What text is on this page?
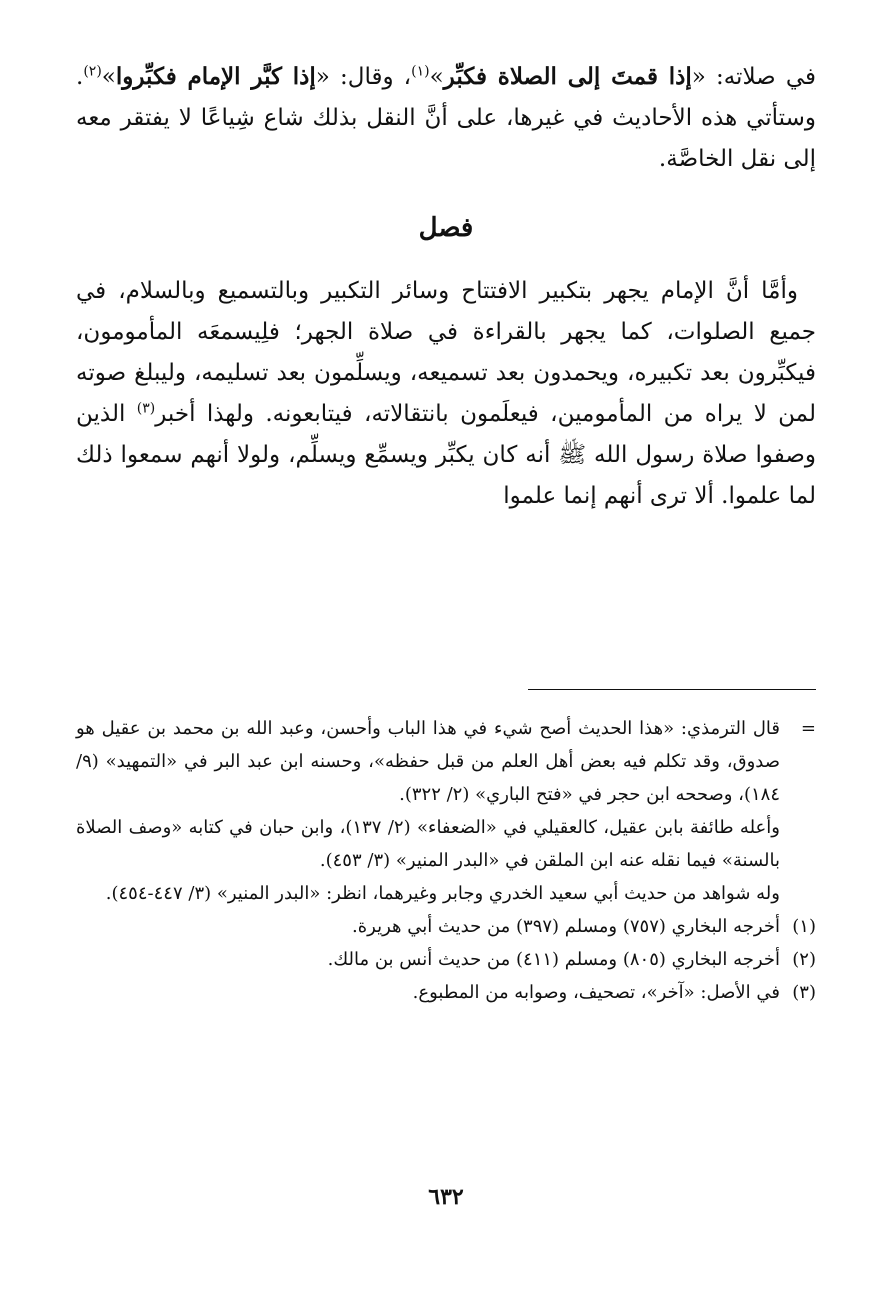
في صلاته: «إذا قمتَ إلى الصلاة فكبِّر»$^{(١)}$، وقال: «إذا كبَّر الإمام فكبِّروا»$^{(٢)}$. وستأتي هذه الأحاديث في غيرها، على أنَّ النقل بذلك شاع شِياعًا لا يفتقر معه إلى نقل الخاصَّة.

فصل

وأمَّا أنَّ الإمام يجهر بتكبير الافتتاح وسائر التكبير وبالتسميع وبالسلام، في جميع الصلوات، كما يجهر بالقراءة في صلاة الجهر؛ فلِيسمعَه المأمومون، فيكبِّرون بعد تكبيره، ويحمدون بعد تسميعه، ويسلِّمون بعد تسليمه، وليبلغ صوته لمن لا يراه من المأمومين، فيعلَمون بانتقالاته، فيتابعونه. ولهذا أخبر$^{(٣)}$ الذين وصفوا صلاة رسول الله ﷺ أنه كان يكبِّر ويسمِّع ويسلِّم، ولولا أنهم سمعوا ذلك لما علموا. ألا ترى أنهم إنما علموا

=

قال الترمذي: «هذا الحديث أصح شيء في هذا الباب وأحسن، وعبد الله بن محمد بن عقيل هو صدوق، وقد تكلم فيه بعض أهل العلم من قبل حفظه»، وحسنه ابن عبد البر في «التمهيد» (٩/ ١٨٤)، وصححه ابن حجر في «فتح الباري» (٢/ ٣٢٢).

وأعله طائفة بابن عقيل، كالعقيلي في «الضعفاء» (٢/ ١٣٧)، وابن حبان في كتابه «وصف الصلاة بالسنة» فيما نقله عنه ابن الملقن في «البدر المنير» (٣/ ٤٥٣).

وله شواهد من حديث أبي سعيد الخدري وجابر وغيرهما، انظر: «البدر المنير» (٣/ ٤٤٧-٤٥٤).

(١)
أخرجه البخاري (٧٥٧) ومسلم (٣٩٧) من حديث أبي هريرة.
(٢)
أخرجه البخاري (٨٠٥) ومسلم (٤١١) من حديث أنس بن مالك.
(٣)
في الأصل: «آخر»، تصحيف، وصوابه من المطبوع.
٦٣٢
